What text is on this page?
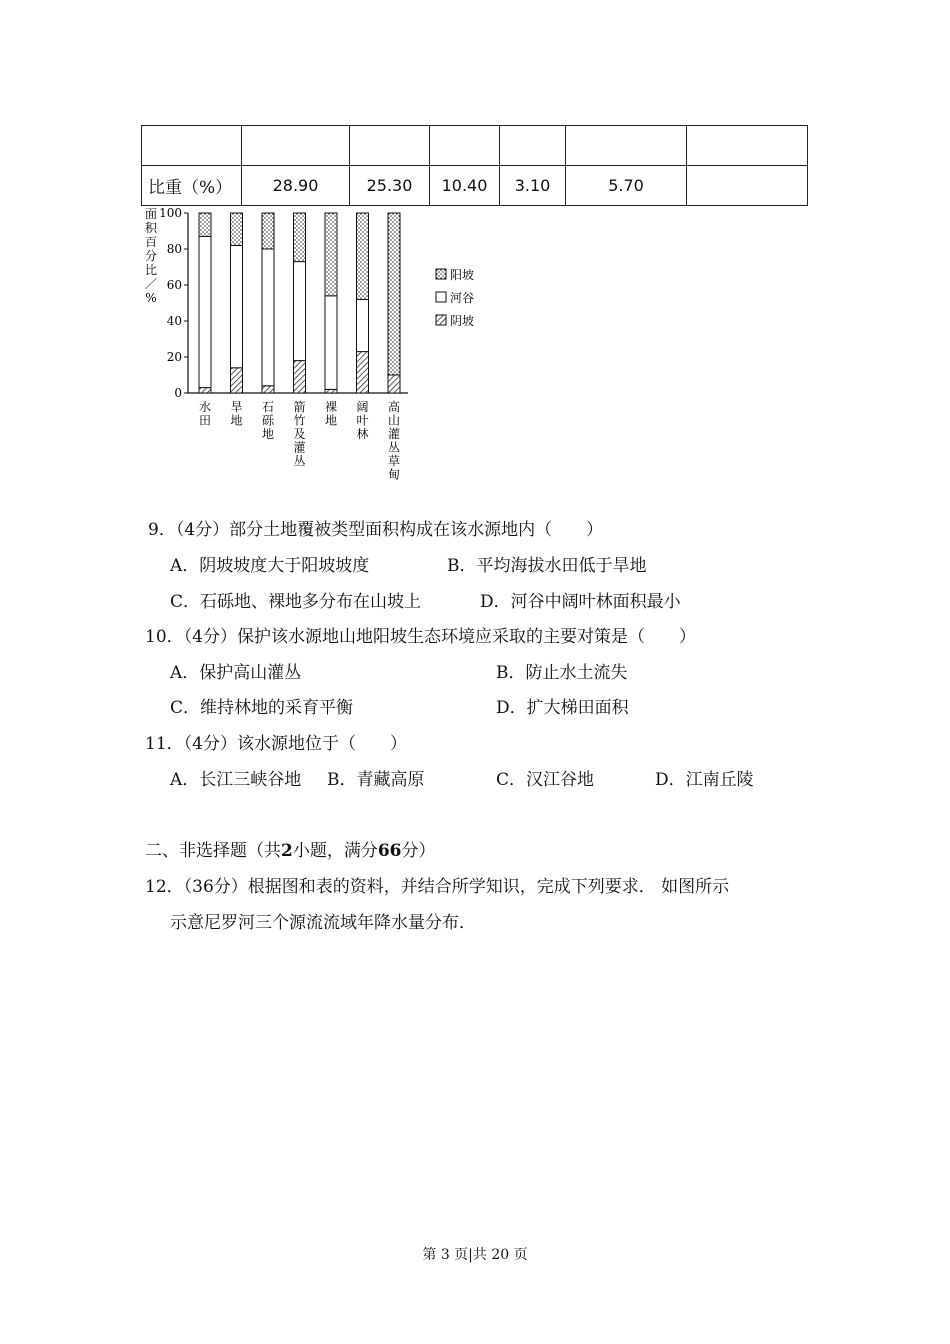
比重（%）	28.90	25.30	10.40	3.10	5.70	
面
积
百
分
比
／
%
0
20
40
60
80
100
水
田
旱
地
石
砾
地
箭
竹
及
灌
丛
裸
地
阔
叶
林
高
山
灌
丛
草
甸
阳坡
河谷
阴坡
9．（4分）部分土地覆被类型面积构成在该水源地内（　　）
A．阴坡坡度大于阳坡坡度	B．平均海拔水田低于旱地
C．石砾地、裸地多分布在山坡上	D．河谷中阔叶林面积最小
10．（4分）保护该水源地山地阳坡生态环境应采取的主要对策是（　　）
A．保护高山灌丛	B．防止水土流失
C．维持林地的采育平衡	D．扩大梯田面积
11．（4分）该水源地位于（　　）
A．长江三峡谷地 B．青藏高原	C．汉江谷地	D．江南丘陵
二、非选择题（共2小题，满分66分）
12．（36分）根据图和表的资料，并结合所学知识，完成下列要求． 如图所示
示意尼罗河三个源流流域年降水量分布．
第 3 页|共 20 页
